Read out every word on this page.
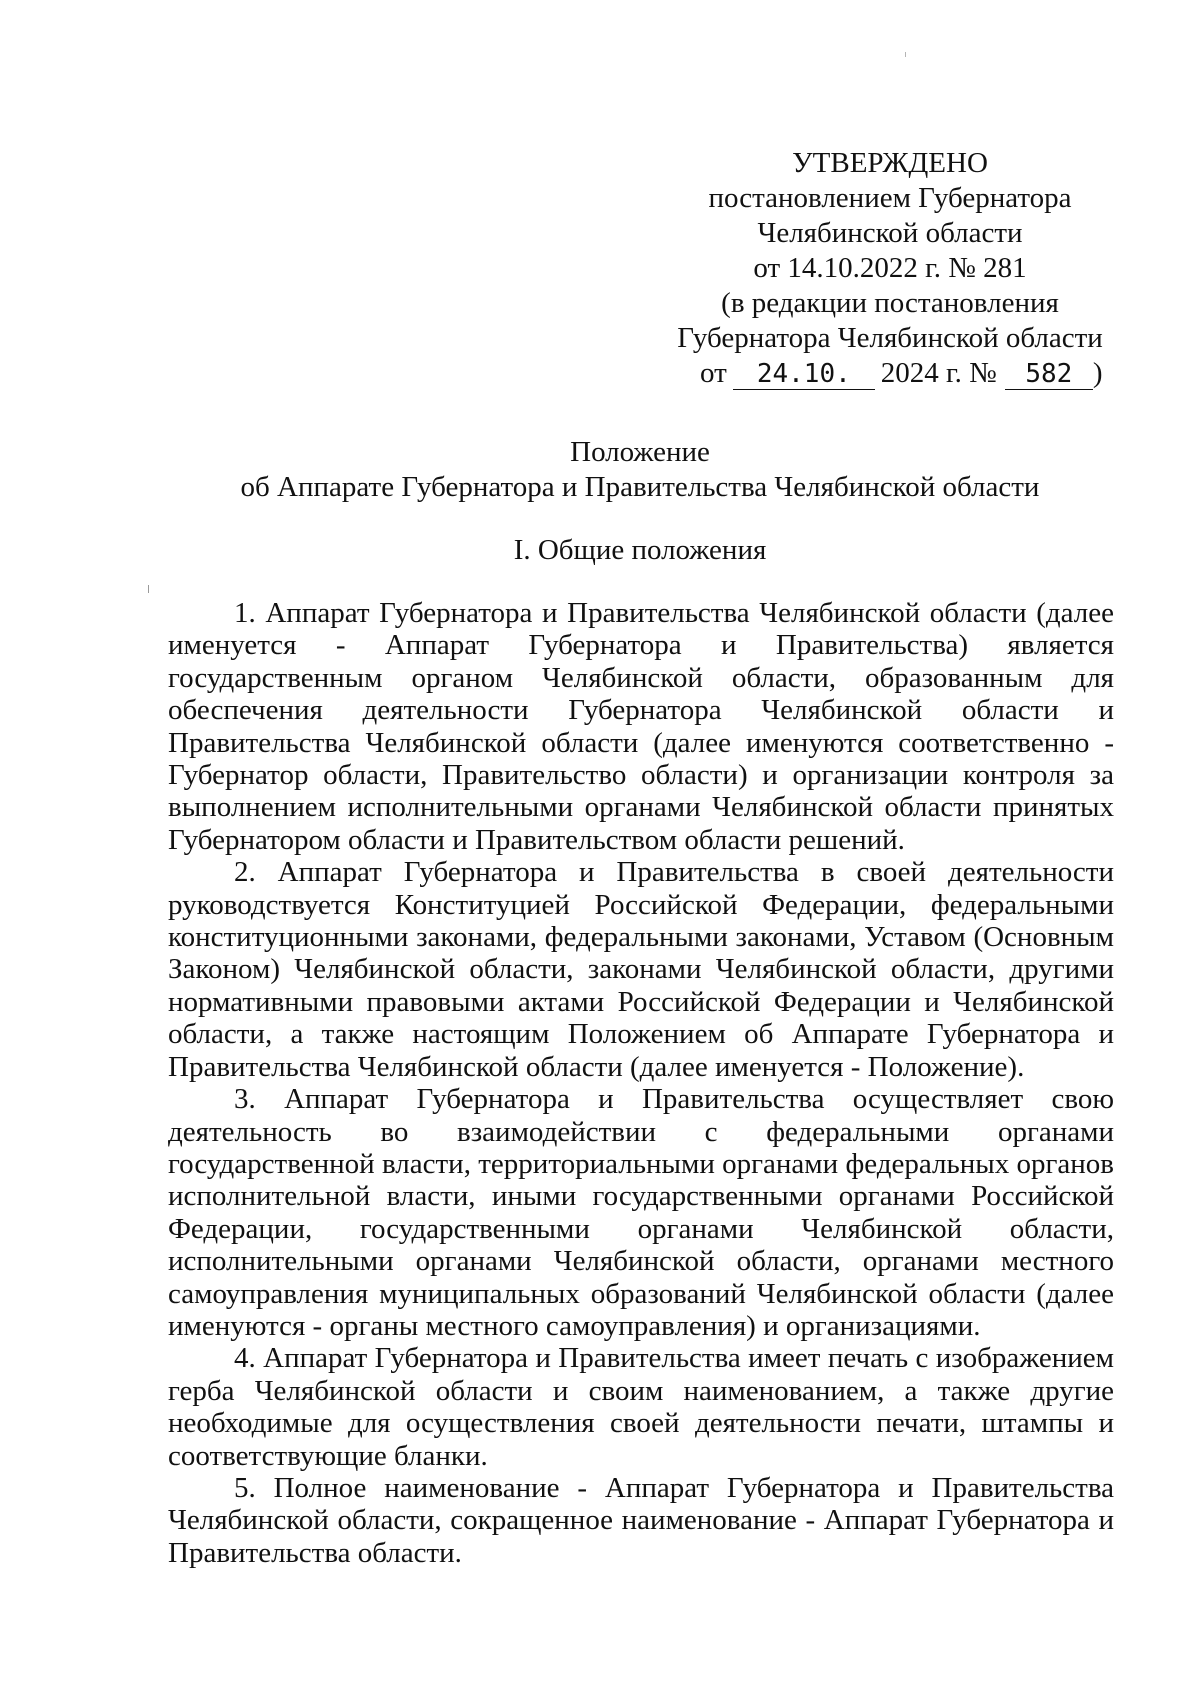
УТВЕРЖДЕНО
постановлением Губернатора
Челябинской области
от 14.10.2022 г. № 281
(в редакции постановления
Губернатора Челябинской области
от 24.10. 2024 г. № 582 )
Положение
об Аппарате Губернатора и Правительства Челябинской области
I. Общие положения

1. Аппарат Губернатора и Правительства Челябинской области (далее именуется - Аппарат Губернатора и Правительства) является государственным органом Челябинской области, образованным для обеспечения деятельности Губернатора Челябинской области и Правительства Челябинской области (далее именуются соответственно - Губернатор области, Правительство области) и организации контроля за выполнением исполнительными органами Челябинской области принятых Губернатором области и Правительством области решений.

2. Аппарат Губернатора и Правительства в своей деятельности руководствуется Конституцией Российской Федерации, федеральными конституционными законами, федеральными законами, Уставом (Основным Законом) Челябинской области, законами Челябинской области, другими нормативными правовыми актами Российской Федерации и Челябинской области, а также настоящим Положением об Аппарате Губернатора и Правительства Челябинской области (далее именуется - Положение).

3. Аппарат Губернатора и Правительства осуществляет свою деятельность во взаимодействии с федеральными органами государственной власти, территориальными органами федеральных органов исполнительной власти, иными государственными органами Российской Федерации, государственными органами Челябинской области, исполнительными органами Челябинской области, органами местного самоуправления муниципальных образований Челябинской области (далее именуются - органы местного самоуправления) и организациями.

4. Аппарат Губернатора и Правительства имеет печать с изображением герба Челябинской области и своим наименованием, а также другие необходимые для осуществления своей деятельности печати, штампы и соответствующие бланки.

5. Полное наименование - Аппарат Губернатора и Правительства Челябинской области, сокращенное наименование - Аппарат Губернатора и Правительства области.
